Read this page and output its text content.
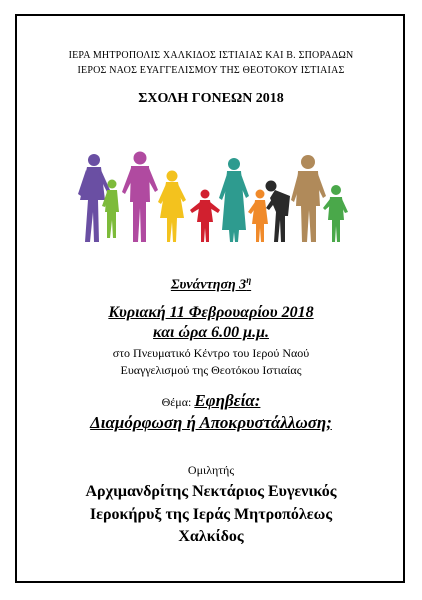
ΙΕΡΑ ΜΗΤΡΟΠΟΛΙΣ ΧΑΛΚΙΔΟΣ ΙΣΤΙΑΙΑΣ ΚΑΙ Β. ΣΠΟΡΑΔΩΝ
ΙΕΡΟΣ ΝΑΟΣ ΕΥΑΓΓΕΛΙΣΜΟΥ ΤΗΣ ΘΕΟΤΟΚΟΥ ΙΣΤΙΑΙΑΣ
ΣΧΟΛΗ ΓΟΝΕΩΝ 2018
Συνάντηση $3^\eta$
Κυριακή 11 Φεβρουαρίου 2018
και ώρα 6.00 μ.μ.
στο Πνευματικό Κέντρο του Ιερού Ναού
Ευαγγελισμού της Θεοτόκου Ιστιαίας
Θέμα: Εφηβεία:
Διαμόρφωση ή Αποκρυστάλλωση;
Ομιλητής
Αρχιμανδρίτης Νεκτάριος Ευγενικός
Ιεροκήρυξ της Ιεράς Μητροπόλεως
Χαλκίδος
